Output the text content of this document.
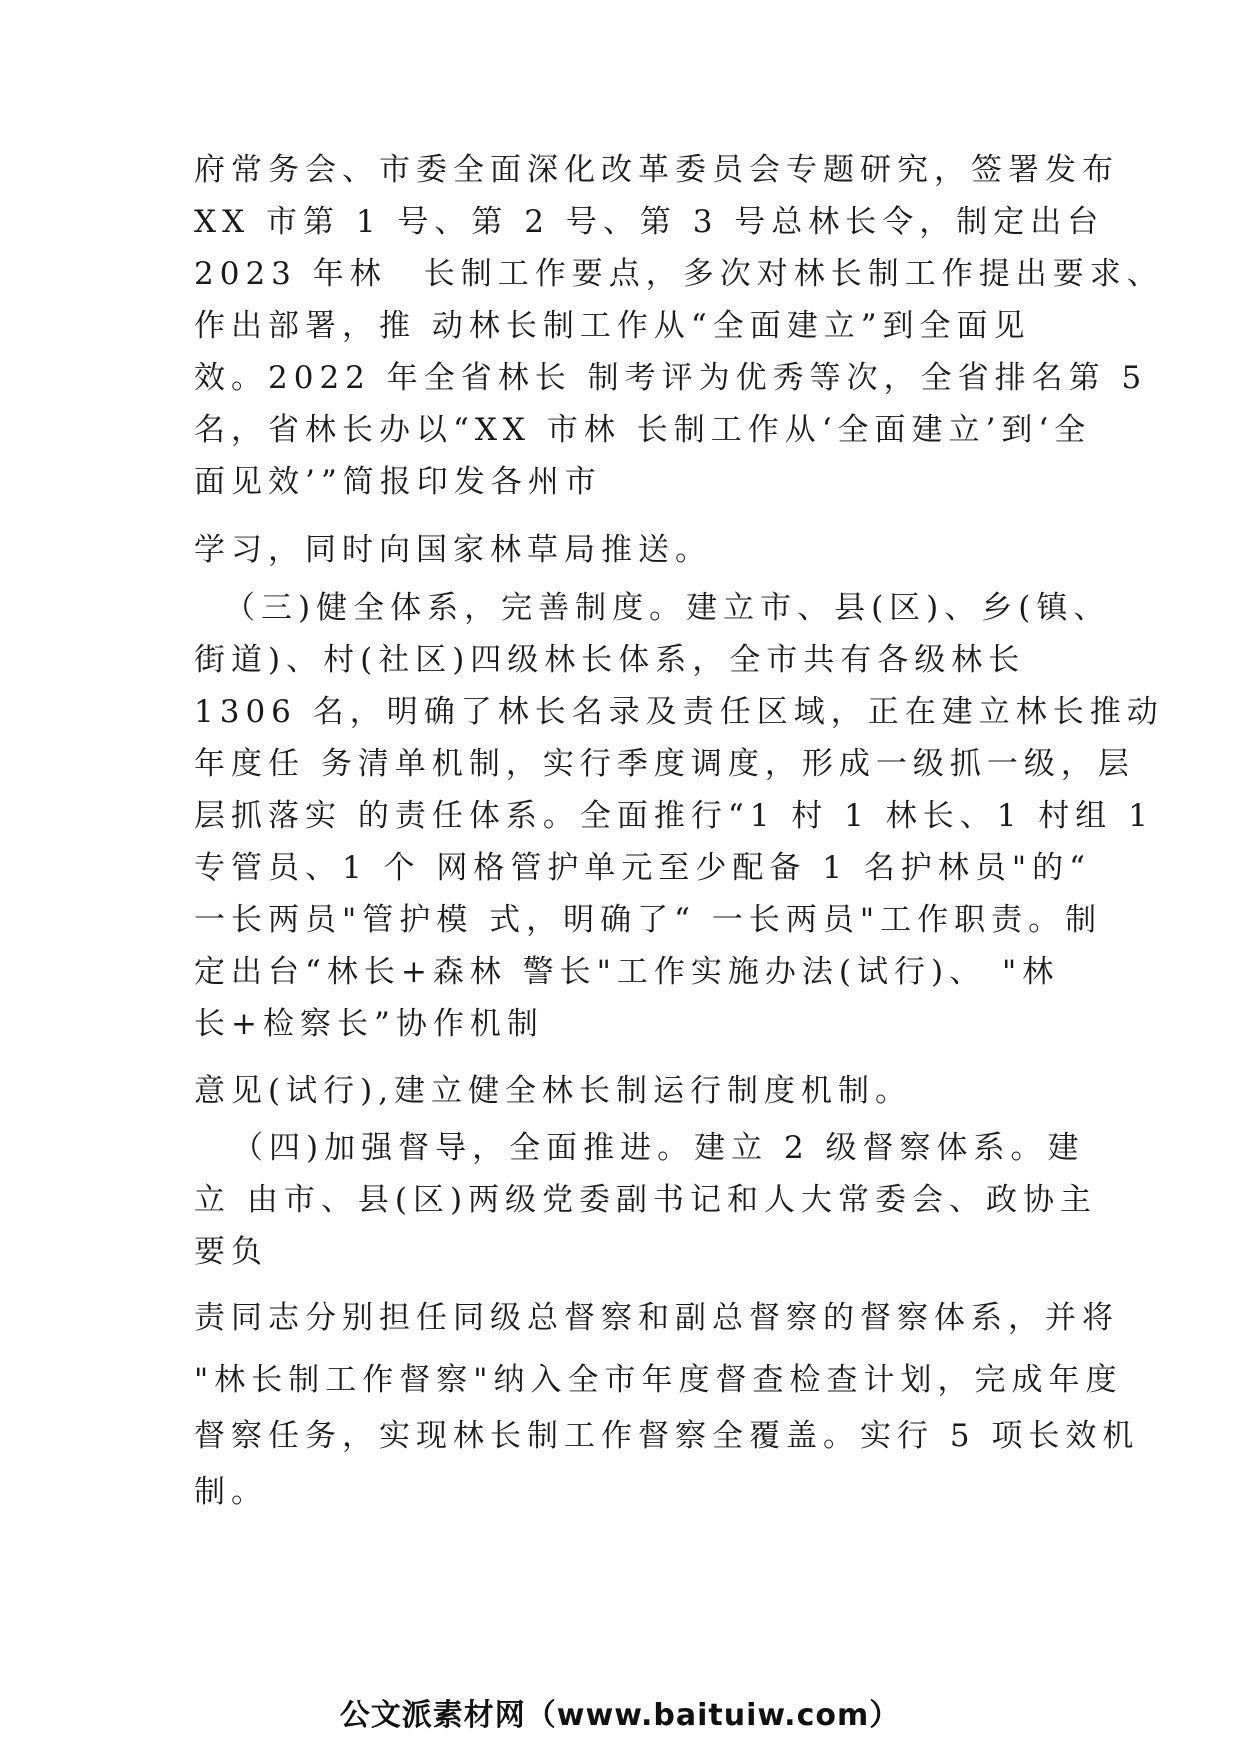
府常务会、市委全面深化改革委员会专题研究，签署发布
XX 市第 1 号、第 2 号、第 3 号总林长令，制定出台
2023 年林　长制工作要点，多次对林长制工作提出要求、
作出部署，推 动林长制工作从“全面建立”到全面见
效。2022 年全省林长 制考评为优秀等次，全省排名第 5
名，省林长办以“XX 市林 长制工作从‘全面建立’到‘全
面见效’”简报印发各州市
学习，同时向国家林草局推送。
（三)健全体系，完善制度。建立市、县(区)、乡(镇、
街道)、村(社区)四级林长体系，全市共有各级林长
1306 名，明确了林长名录及责任区域，正在建立林长推动
年度任 务清单机制，实行季度调度，形成一级抓一级，层
层抓落实 的责任体系。全面推行“1 村 1 林长、1 村组 1
专管员、1 个 网格管护单元至少配备 1 名护林员"的“
一长两员"管护模 式，明确了“ 一长两员"工作职责。制
定出台“林长+森林 警长"工作实施办法(试行)、 "林
长+检察长”协作机制
意见(试行),建立健全林长制运行制度机制。
（四)加强督导，全面推进。建立 2 级督察体系。建
立 由市、县(区)两级党委副书记和人大常委会、政协主
要负
责同志分别担任同级总督察和副总督察的督察体系，并将
"林长制工作督察"纳入全市年度督查检查计划，完成年度
督察任务，实现林长制工作督察全覆盖。实行 5 项长效机
制。
公文派素材网（www.baituiw.com）
